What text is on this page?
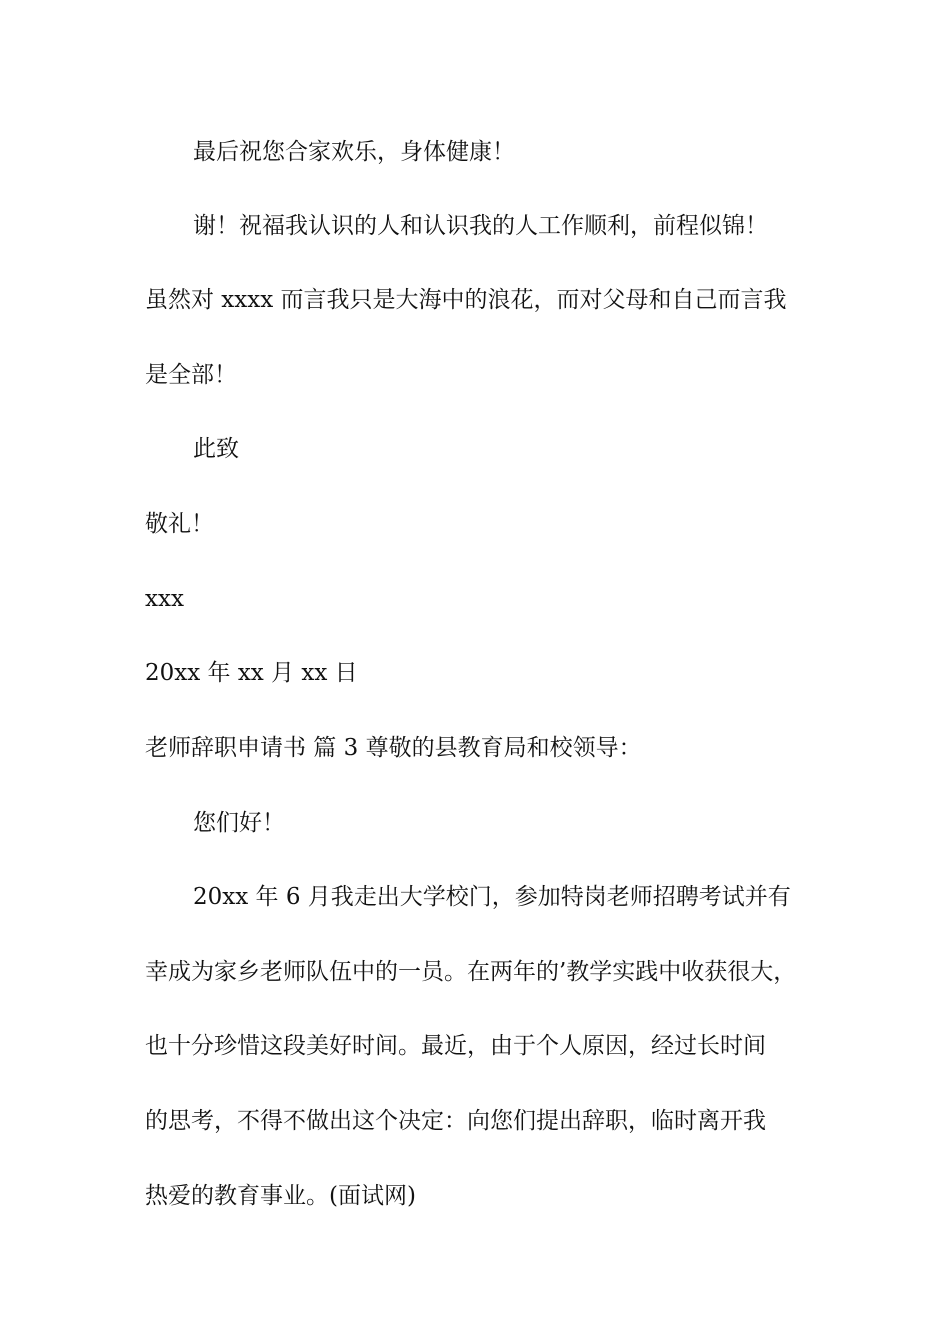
最后祝您合家欢乐，身体健康！
谢！祝福我认识的人和认识我的人工作顺利，前程似锦！
虽然对 xxxx 而言我只是大海中的浪花，而对父母和自己而言我
是全部！
此致
敬礼！
xxx
20xx 年 xx 月 xx 日
老师辞职申请书 篇 3 尊敬的县教育局和校领导：
您们好！
20xx 年 6 月我走出大学校门，参加特岗老师招聘考试并有
幸成为家乡老师队伍中的一员。在两年的’教学实践中收获很大，
也十分珍惜这段美好时间。最近，由于个人原因，经过长时间
的思考，不得不做出这个决定：向您们提出辞职，临时离开我
热爱的教育事业。(面试网)
